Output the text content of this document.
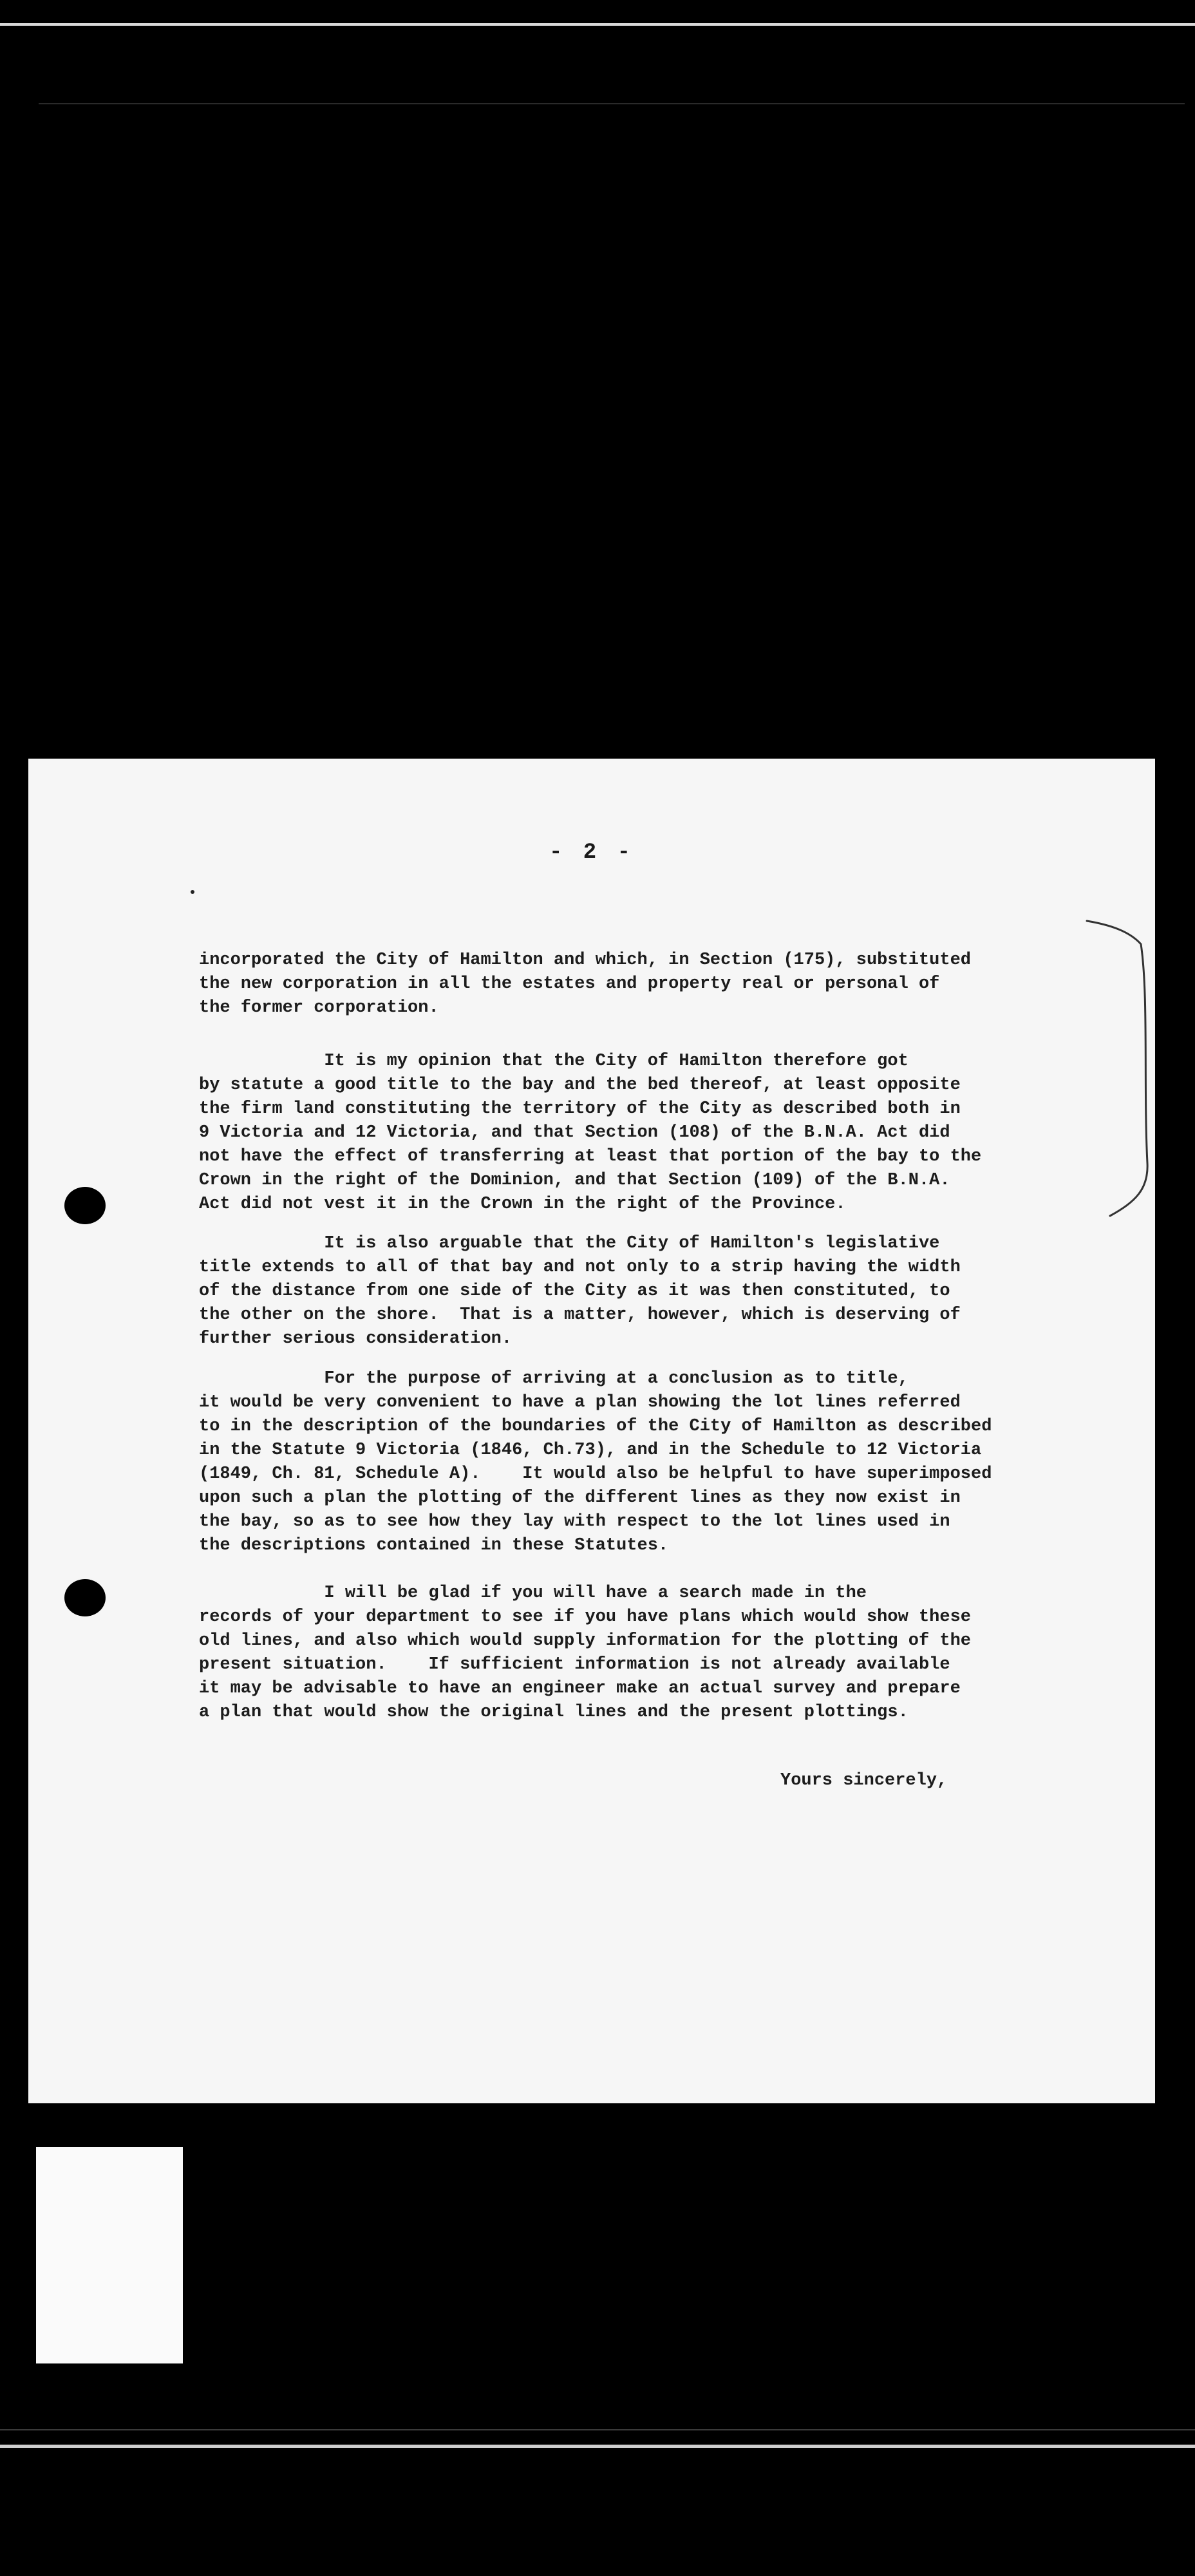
- 2 -

incorporated the City of Hamilton and which, in Section (175), substituted
the new corporation in all the estates and property real or personal of
the former corporation.

It is my opinion that the City of Hamilton therefore got
by statute a good title to the bay and the bed thereof, at least opposite
the firm land constituting the territory of the City as described both in
9 Victoria and 12 Victoria, and that Section (108) of the B.N.A. Act did
not have the effect of transferring at least that portion of the bay to the
Crown in the right of the Dominion, and that Section (109) of the B.N.A.
Act did not vest it in the Crown in the right of the Province.

It is also arguable that the City of Hamilton's legislative
title extends to all of that bay and not only to a strip having the width
of the distance from one side of the City as it was then constituted, to
the other on the shore.  That is a matter, however, which is deserving of
further serious consideration.

For the purpose of arriving at a conclusion as to title,
it would be very convenient to have a plan showing the lot lines referred
to in the description of the boundaries of the City of Hamilton as described
in the Statute 9 Victoria (1846, Ch.73), and in the Schedule to 12 Victoria
(1849, Ch. 81, Schedule A).    It would also be helpful to have superimposed
upon such a plan the plotting of the different lines as they now exist in
the bay, so as to see how they lay with respect to the lot lines used in
the descriptions contained in these Statutes.

I will be glad if you will have a search made in the
records of your department to see if you have plans which would show these
old lines, and also which would supply information for the plotting of the
present situation.    If sufficient information is not already available
it may be advisable to have an engineer make an actual survey and prepare
a plan that would show the original lines and the present plottings.

Yours sincerely,
